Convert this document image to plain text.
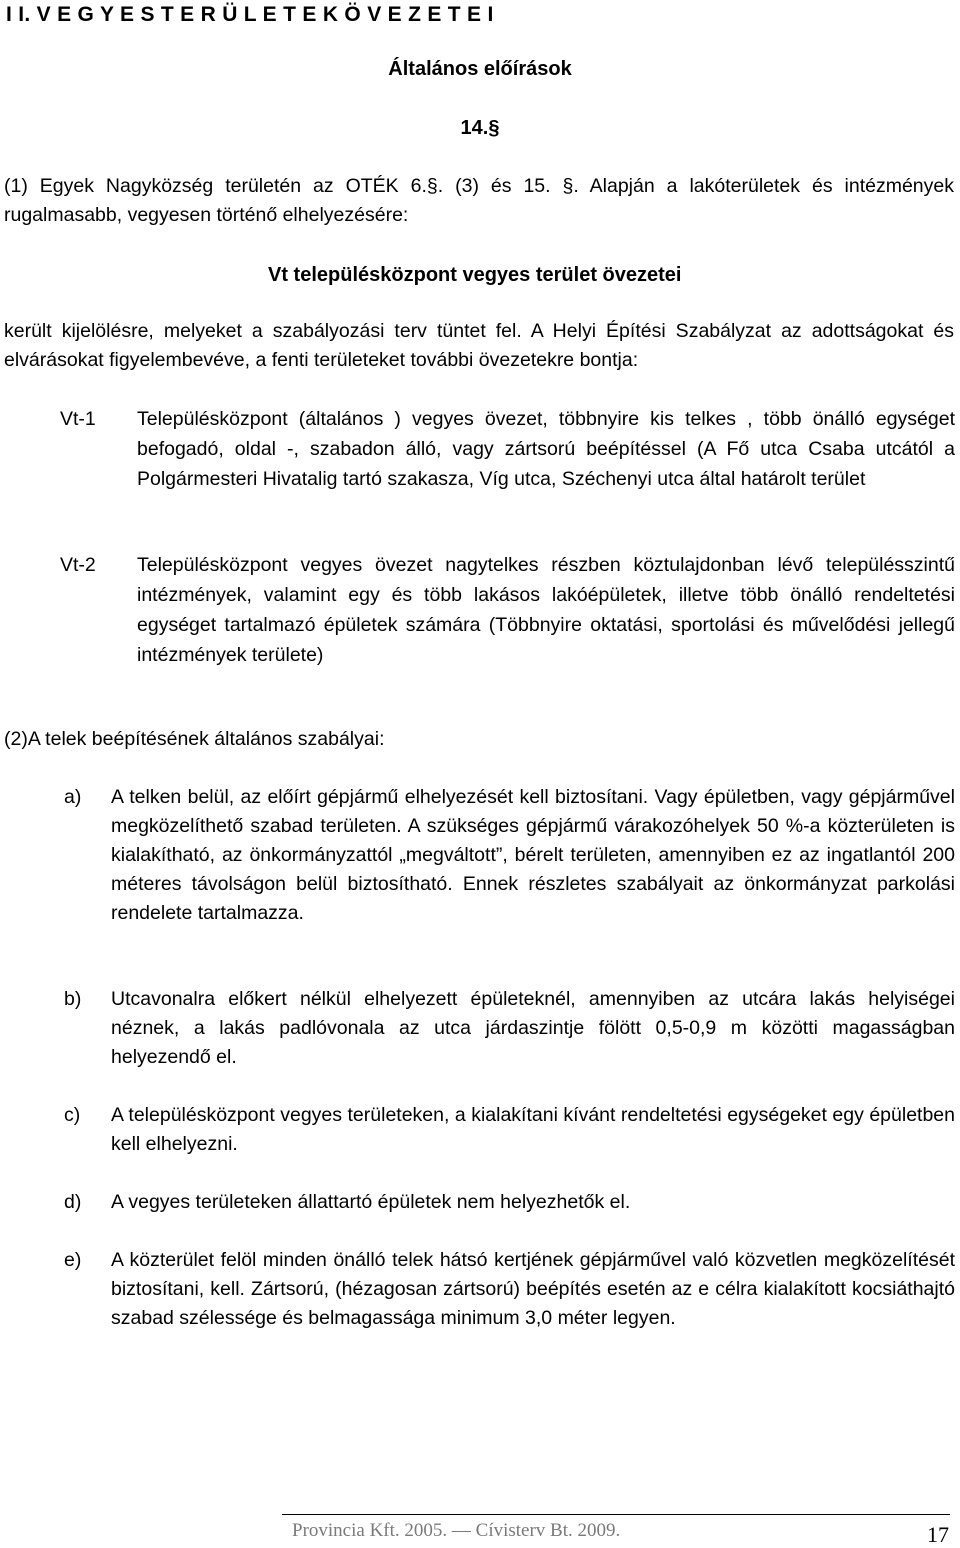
I I. V E G Y E S T E R Ü L E T E K Ö V E Z E T E I
Általános előírások
14.§
(1) Egyek Nagyközség területén az OTÉK 6.§. (3) és 15. §. Alapján a lakóterületek és intézmények rugalmasabb, vegyesen történő elhelyezésére:
Vt településközpont vegyes terület övezetei
került kijelölésre, melyeket a szabályozási terv tüntet fel. A Helyi Építési Szabályzat az adottságokat és elvárásokat figyelembevéve, a fenti területeket további övezetekre bontja:
Vt-1 Településközpont (általános ) vegyes övezet, többnyire kis telkes , több önálló egységet befogadó, oldal -, szabadon álló, vagy zártsorú beépítéssel (A Fő utca Csaba utcától a Polgármesteri Hivatalig tartó szakasza, Víg utca, Széchenyi utca által határolt terület
Vt-2 Településközpont vegyes övezet nagytelkes részben köztulajdonban lévő településszintű intézmények, valamint egy és több lakásos lakóépületek, illetve több önálló rendeltetési egységet tartalmazó épületek számára (Többnyire oktatási, sportolási és művelődési jellegű intézmények területe)
(2)A telek beépítésének általános szabályai:
a) A telken belül, az előírt gépjármű elhelyezését kell biztosítani. Vagy épületben, vagy gépjárművel megközelíthető szabad területen. A szükséges gépjármű várakozóhelyek 50 %-a közterületen is kialakítható, az önkormányzattól „megváltott”, bérelt területen, amennyiben ez az ingatlantól 200 méteres távolságon belül biztosítható. Ennek részletes szabályait az önkormányzat parkolási rendelete tartalmazza.
b) Utcavonalra előkert nélkül elhelyezett épületeknél, amennyiben az utcára lakás helyiségei néznek, a lakás padlóvonala az utca járdaszintje fölött 0,5-0,9 m közötti magasságban helyezendő el.
c) A településközpont vegyes területeken, a kialakítani kívánt rendeltetési egységeket egy épületben kell elhelyezni.
d) A vegyes területeken állattartó épületek nem helyezhetők el.
e) A közterület felöl minden önálló telek hátsó kertjének gépjárművel való közvetlen megközelítését biztosítani, kell. Zártsorú, (hézagosan zártsorú) beépítés esetén az e célra kialakított kocsiáthajtó szabad szélessége és belmagassága minimum 3,0 méter legyen.
Provincia Kft. 2005. — Cívisterv Bt. 2009.	17
